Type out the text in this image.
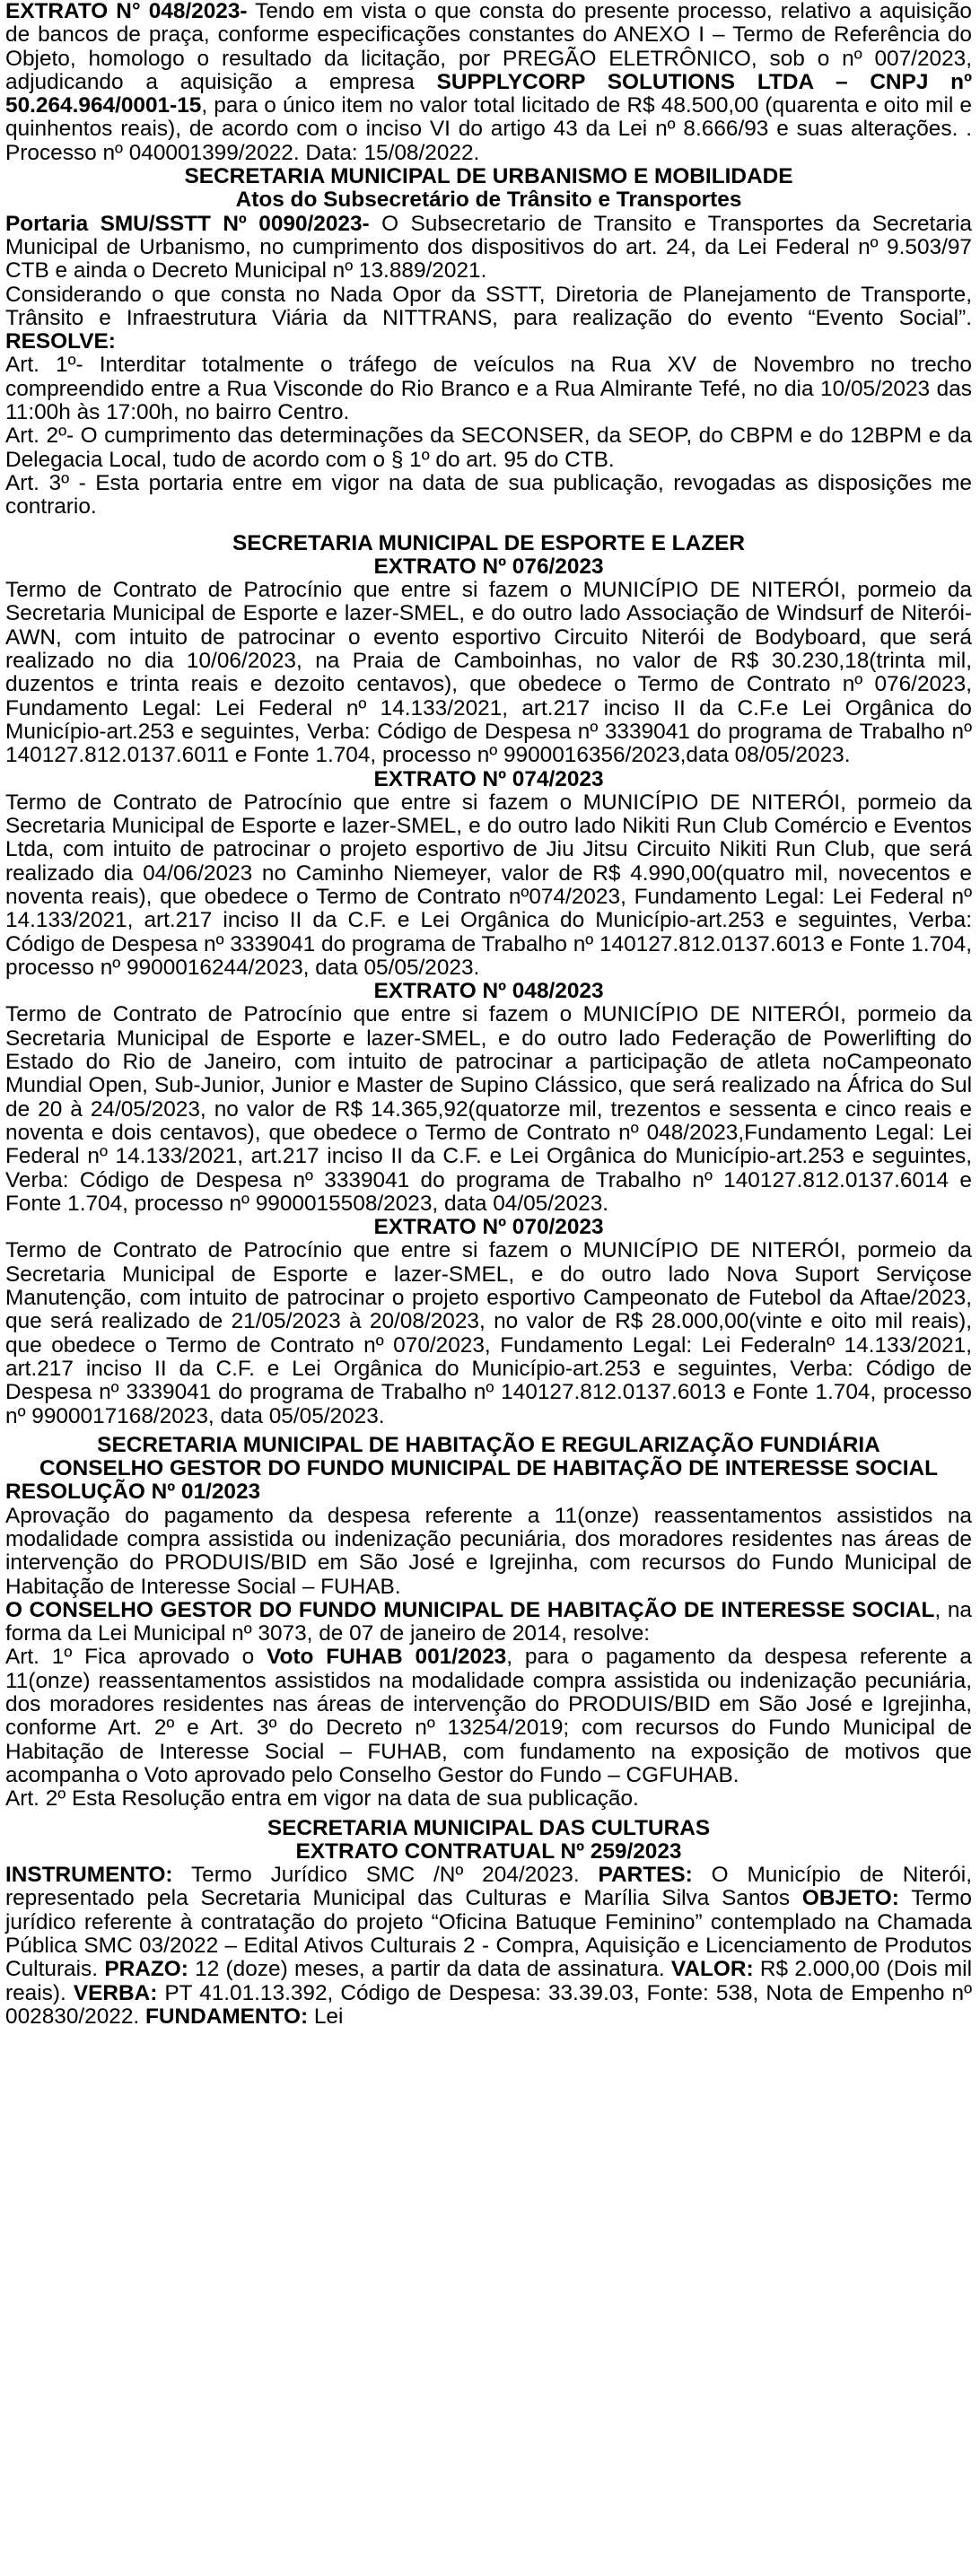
EXTRATO N° 048/2023- Tendo em vista o que consta do presente processo, relativo a aquisição de bancos de praça, conforme especificações constantes do ANEXO I – Termo de Referência do Objeto, homologo o resultado da licitação, por PREGÃO ELETRÔNICO, sob o nº 007/2023, adjudicando a aquisição a empresa SUPPLYCORP SOLUTIONS LTDA – CNPJ nº 50.264.964/0001-15, para o único item no valor total licitado de R$ 48.500,00 (quarenta e oito mil e quinhentos reais), de acordo com o inciso VI do artigo 43 da Lei nº 8.666/93 e suas alterações. . Processo nº 040001399/2022. Data: 15/08/2022.

SECRETARIA MUNICIPAL DE URBANISMO E MOBILIDADE
Atos do Subsecretário de Trânsito e Transportes

Portaria SMU/SSTT Nº 0090/2023- O Subsecretario de Transito e Transportes da Secretaria Municipal de Urbanismo, no cumprimento dos dispositivos do art. 24, da Lei Federal nº 9.503/97 CTB e ainda o Decreto Municipal nº 13.889/2021.

Considerando o que consta no Nada Opor da SSTT, Diretoria de Planejamento de Transporte, Trânsito e Infraestrutura Viária da NITTRANS, para realização do evento “Evento Social”. RESOLVE:

Art. 1º- Interditar totalmente o tráfego de veículos na Rua XV de Novembro no trecho compreendido entre a Rua Visconde do Rio Branco e a Rua Almirante Tefé, no dia 10/05/2023 das 11:00h às 17:00h, no bairro Centro.

Art. 2º- O cumprimento das determinações da SECONSER, da SEOP, do CBPM e do 12BPM e da Delegacia Local, tudo de acordo com o § 1º do art. 95 do CTB.

Art. 3º - Esta portaria entre em vigor na data de sua publicação, revogadas as disposições me contrario.

SECRETARIA MUNICIPAL DE ESPORTE E LAZER
EXTRATO Nº 076/2023

Termo de Contrato de Patrocínio que entre si fazem o MUNICÍPIO DE NITERÓI, pormeio da Secretaria Municipal de Esporte e lazer-SMEL, e do outro lado Associação de Windsurf de Niterói-AWN, com intuito de patrocinar o evento esportivo Circuito Niterói de Bodyboard, que será realizado no dia 10/06/2023, na Praia de Camboinhas, no valor de R$ 30.230,18(trinta mil, duzentos e trinta reais e dezoito centavos), que obedece o Termo de Contrato nº 076/2023, Fundamento Legal: Lei Federal nº 14.133/2021, art.217 inciso II da C.F.e Lei Orgânica do Município-art.253 e seguintes, Verba: Código de Despesa nº 3339041 do programa de Trabalho nº 140127.812.0137.6011 e Fonte 1.704, processo nº 9900016356/2023,data 08/05/2023.

EXTRATO Nº 074/2023

Termo de Contrato de Patrocínio que entre si fazem o MUNICÍPIO DE NITERÓI, pormeio da Secretaria Municipal de Esporte e lazer-SMEL, e do outro lado Nikiti Run Club Comércio e Eventos Ltda, com intuito de patrocinar o projeto esportivo de Jiu Jitsu Circuito Nikiti Run Club, que será realizado dia 04/06/2023 no Caminho Niemeyer, valor de R$ 4.990,00(quatro mil, novecentos e noventa reais), que obedece o Termo de Contrato nº074/2023, Fundamento Legal: Lei Federal nº 14.133/2021, art.217 inciso II da C.F. e Lei Orgânica do Município-art.253 e seguintes, Verba: Código de Despesa nº 3339041 do programa de Trabalho nº 140127.812.0137.6013 e Fonte 1.704, processo nº 9900016244/2023, data 05/05/2023.

EXTRATO Nº 048/2023

Termo de Contrato de Patrocínio que entre si fazem o MUNICÍPIO DE NITERÓI, pormeio da Secretaria Municipal de Esporte e lazer-SMEL, e do outro lado Federação de Powerlifting do Estado do Rio de Janeiro, com intuito de patrocinar a participação de atleta noCampeonato Mundial Open, Sub-Junior, Junior e Master de Supino Clássico, que será realizado na África do Sul de 20 à 24/05/2023, no valor de R$ 14.365,92(quatorze mil, trezentos e sessenta e cinco reais e noventa e dois centavos), que obedece o Termo de Contrato nº 048/2023,Fundamento Legal: Lei Federal nº 14.133/2021, art.217 inciso II da C.F. e Lei Orgânica do Município-art.253 e seguintes, Verba: Código de Despesa nº 3339041 do programa de Trabalho nº 140127.812.0137.6014 e Fonte 1.704, processo nº 9900015508/2023, data 04/05/2023.

EXTRATO Nº 070/2023

Termo de Contrato de Patrocínio que entre si fazem o MUNICÍPIO DE NITERÓI, pormeio da Secretaria Municipal de Esporte e lazer-SMEL, e do outro lado Nova Suport Serviçose Manutenção, com intuito de patrocinar o projeto esportivo Campeonato de Futebol da Aftae/2023, que será realizado de 21/05/2023 à 20/08/2023, no valor de R$ 28.000,00(vinte e oito mil reais), que obedece o Termo de Contrato nº 070/2023, Fundamento Legal: Lei Federalnº 14.133/2021, art.217 inciso II da C.F. e Lei Orgânica do Município-art.253 e seguintes, Verba: Código de Despesa nº 3339041 do programa de Trabalho nº 140127.812.0137.6013 e Fonte 1.704, processo nº 9900017168/2023, data 05/05/2023.

SECRETARIA MUNICIPAL DE HABITAÇÃO E REGULARIZAÇÃO FUNDIÁRIA
CONSELHO GESTOR DO FUNDO MUNICIPAL DE HABITAÇÃO DE INTERESSE SOCIAL

RESOLUÇÃO Nº 01/2023

Aprovação do pagamento da despesa referente a 11(onze) reassentamentos assistidos na modalidade compra assistida ou indenização pecuniária, dos moradores residentes nas áreas de intervenção do PRODUIS/BID em São José e Igrejinha, com recursos do Fundo Municipal de Habitação de Interesse Social – FUHAB.

O CONSELHO GESTOR DO FUNDO MUNICIPAL DE HABITAÇÃO DE INTERESSE SOCIAL, na forma da Lei Municipal nº 3073, de 07 de janeiro de 2014, resolve:

Art. 1º Fica aprovado o Voto FUHAB 001/2023, para o pagamento da despesa referente a 11(onze) reassentamentos assistidos na modalidade compra assistida ou indenização pecuniária, dos moradores residentes nas áreas de intervenção do PRODUIS/BID em São José e Igrejinha, conforme Art. 2º e Art. 3º do Decreto nº 13254/2019; com recursos do Fundo Municipal de Habitação de Interesse Social – FUHAB, com fundamento na exposição de motivos que acompanha o Voto aprovado pelo Conselho Gestor do Fundo – CGFUHAB.

Art. 2º Esta Resolução entra em vigor na data de sua publicação.

SECRETARIA MUNICIPAL DAS CULTURAS
EXTRATO CONTRATUAL Nº 259/2023

INSTRUMENTO: Termo Jurídico SMC /Nº 204/2023. PARTES: O Município de Niterói, representado pela Secretaria Municipal das Culturas e Marília Silva Santos OBJETO: Termo jurídico referente à contratação do projeto “Oficina Batuque Feminino” contemplado na Chamada Pública SMC 03/2022 – Edital Ativos Culturais 2 - Compra, Aquisição e Licenciamento de Produtos Culturais. PRAZO: 12 (doze) meses, a partir da data de assinatura. VALOR: R$ 2.000,00 (Dois mil reais). VERBA: PT 41.01.13.392, Código de Despesa: 33.39.03, Fonte: 538, Nota de Empenho nº 002830/2022. FUNDAMENTO: Lei
